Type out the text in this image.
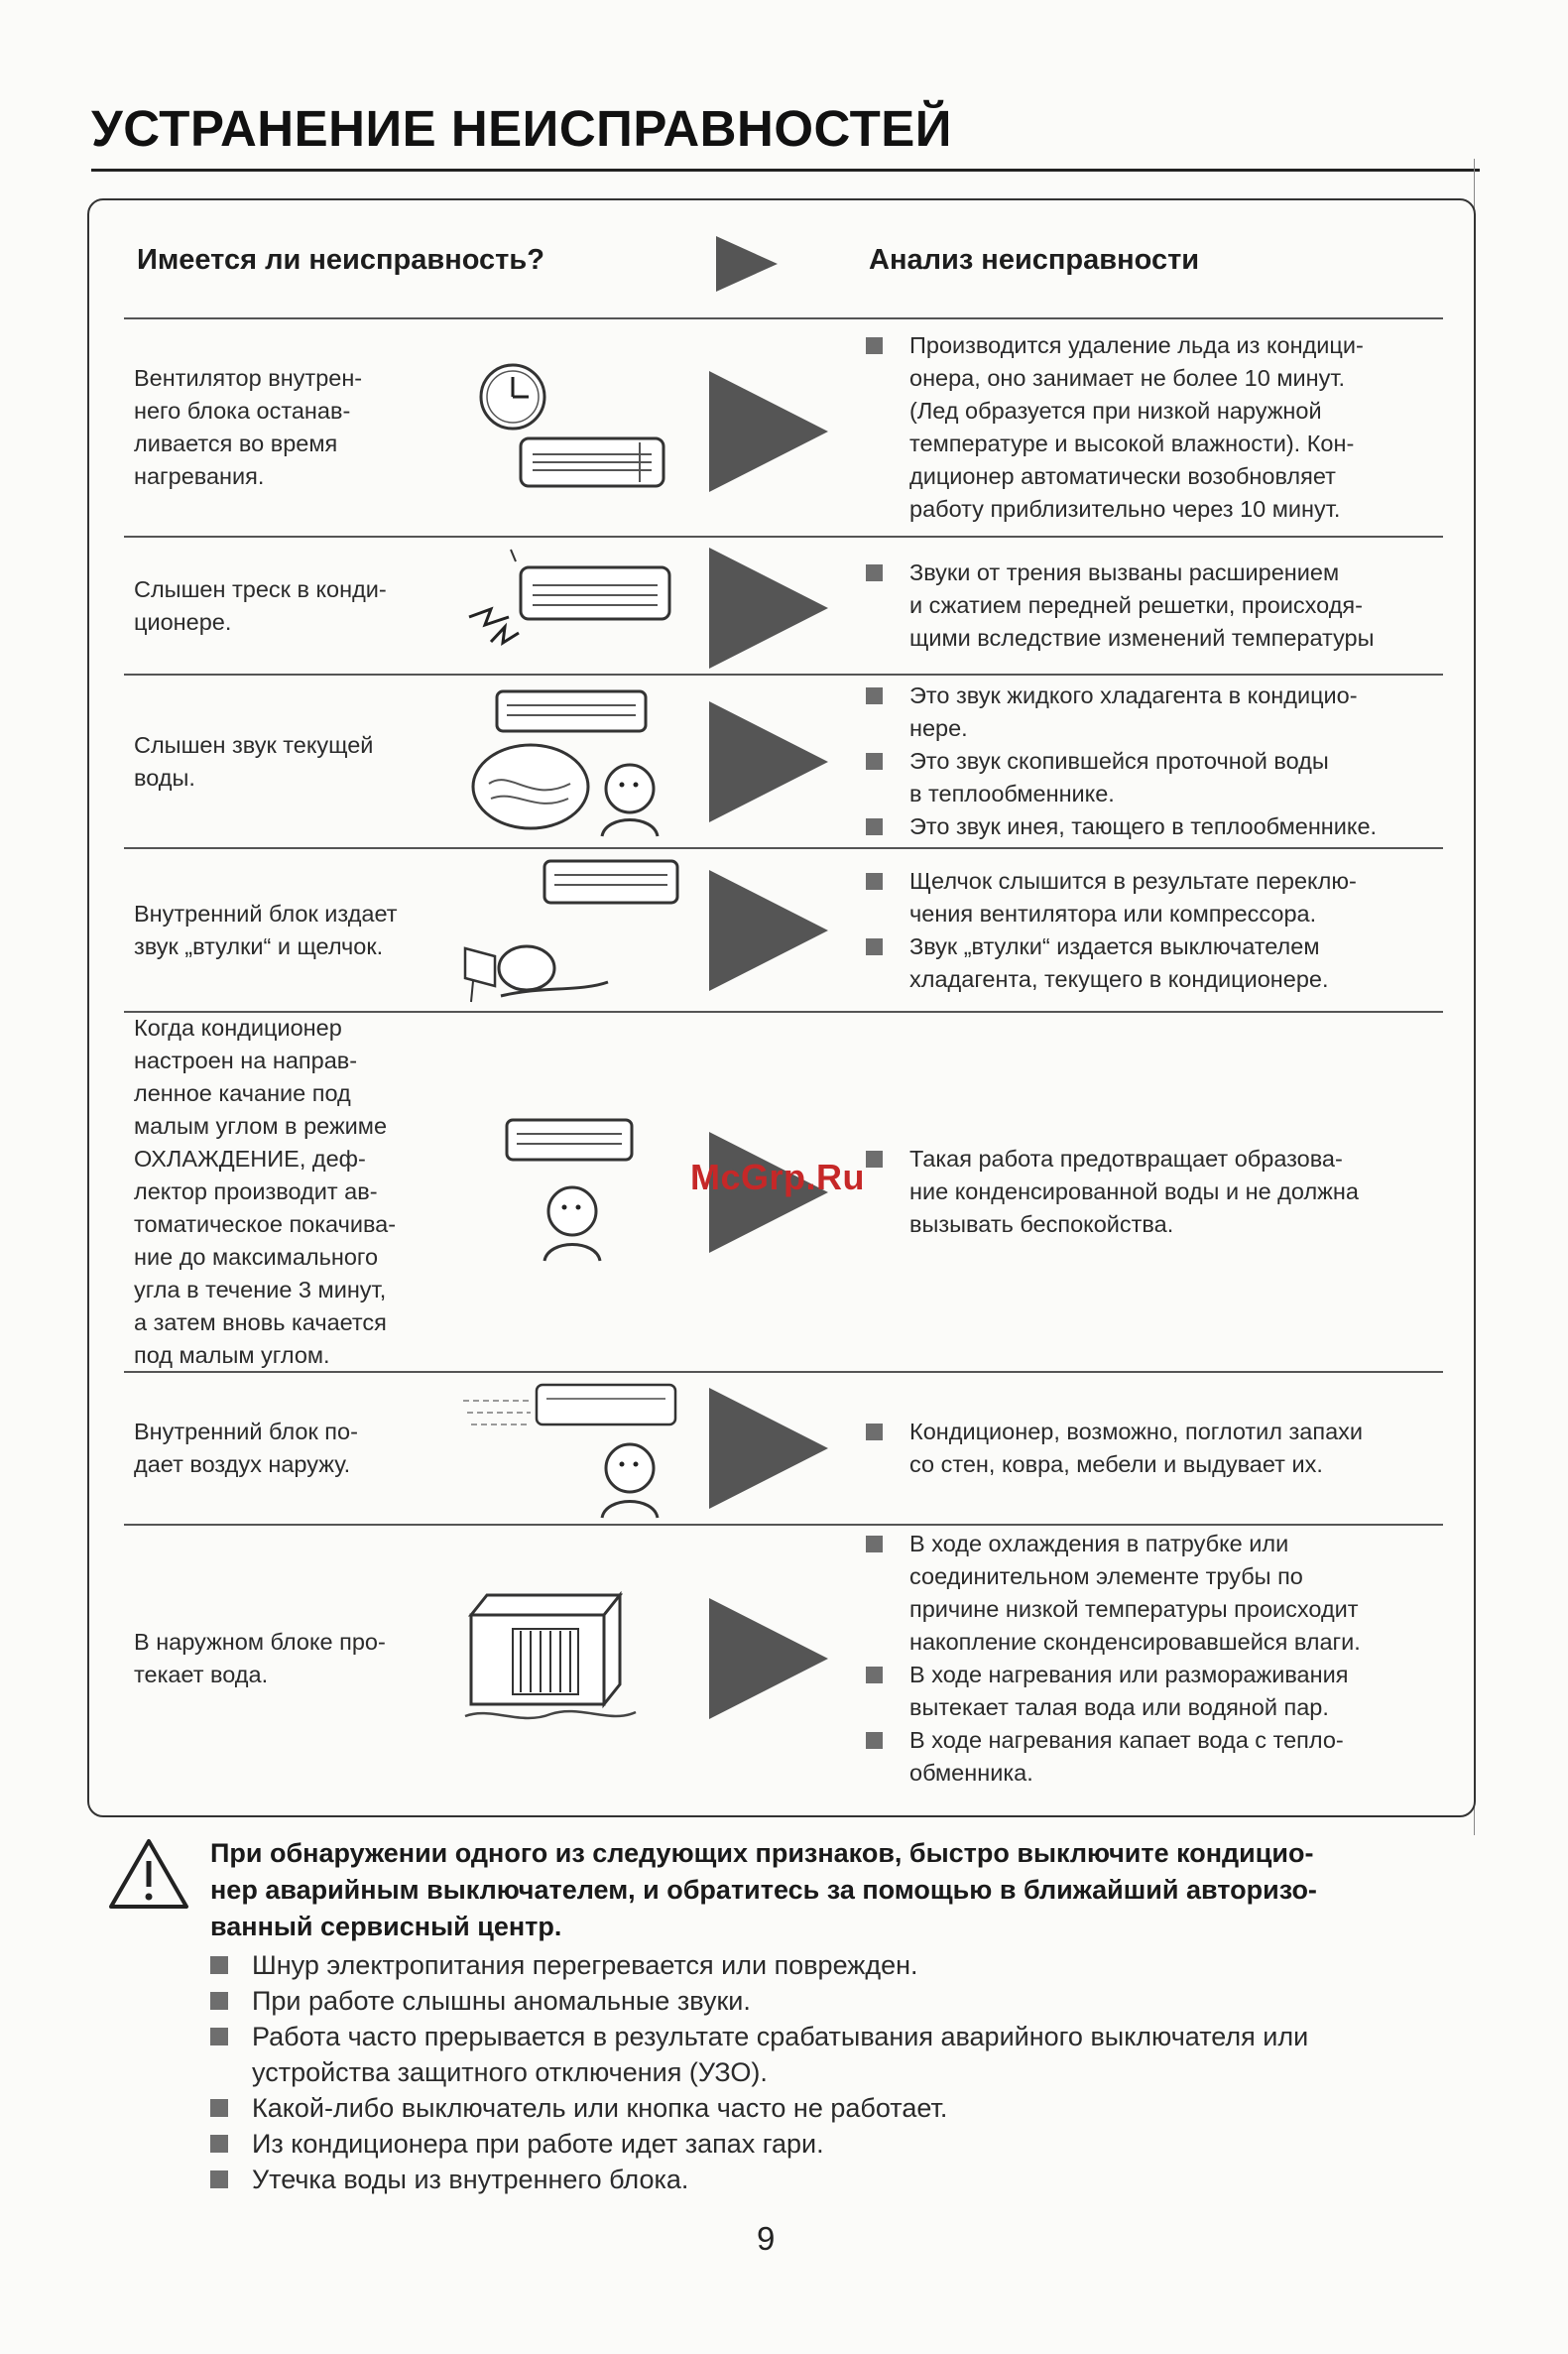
УСТРАНЕНИЕ НЕИСПРАВНОСТЕЙ
Имеется ли неисправность?	Анализ неисправности
Вентилятор внутрен-
него блока останав-
ливается во время
нагревания.
Производится удаление льда из кондици-
онера, оно занимает не более 10 минут.
(Лед образуется при низкой наружной
температуре и высокой влажности). Кон-
диционер автоматически возобновляет
работу приблизительно через 10 минут.
Слышен треск в конди-
ционере.
Звуки от трения вызваны расширением
и сжатием передней решетки, происходя-
щими вследствие изменений температуры
Слышен звук текущей
воды.
Это звук жидкого хладагента в кондицио-
нере.
Это звук скопившейся проточной воды
в теплообменнике.
Это звук инея, тающего в теплообменнике.
Внутренний блок издает
звук „втулки“ и щелчок.
Щелчок слышится в результате переклю-
чения вентилятора или компрессора.
Звук „втулки“ издается выключателем
хладагента, текущего в кондиционере.
Когда кондиционер
настроен на направ-
ленное качание под
малым углом в режиме
ОХЛАЖДЕНИЕ, деф-
лектор производит ав-
томатическое покачива-
ние до максимального
угла в течение 3 минут,
а затем вновь качается
под малым углом.
Такая работа предотвращает образова-
ние конденсированной воды и не должна
вызывать беспокойства.
Внутренний блок по-
дает воздух наружу.
Кондиционер, возможно, поглотил запахи
со стен, ковра, мебели и выдувает их.
В наружном блоке про-
текает вода.
В ходе охлаждения в патрубке или
соединительном элементе трубы по
причине низкой температуры происходит
накопление сконденсировавшейся влаги.
В ходе нагревания или размораживания
вытекает талая вода или водяной пар.
В ходе нагревания капает вода с тепло-
обменника.
McGrp.Ru
При обнаружении одного из следующих признаков, быстро выключите кондицио-
нер аварийным выключателем, и обратитесь за помощью в ближайший авторизо-
ванный сервисный центр.
Шнур электропитания перегревается или поврежден.
При работе слышны аномальные звуки.
Работа часто прерывается в результате срабатывания аварийного выключателя или
устройства защитного отключения (УЗО).
Какой-либо выключатель или кнопка часто не работает.
Из кондиционера при работе идет запах гари.
Утечка воды из внутреннего блока.
9
